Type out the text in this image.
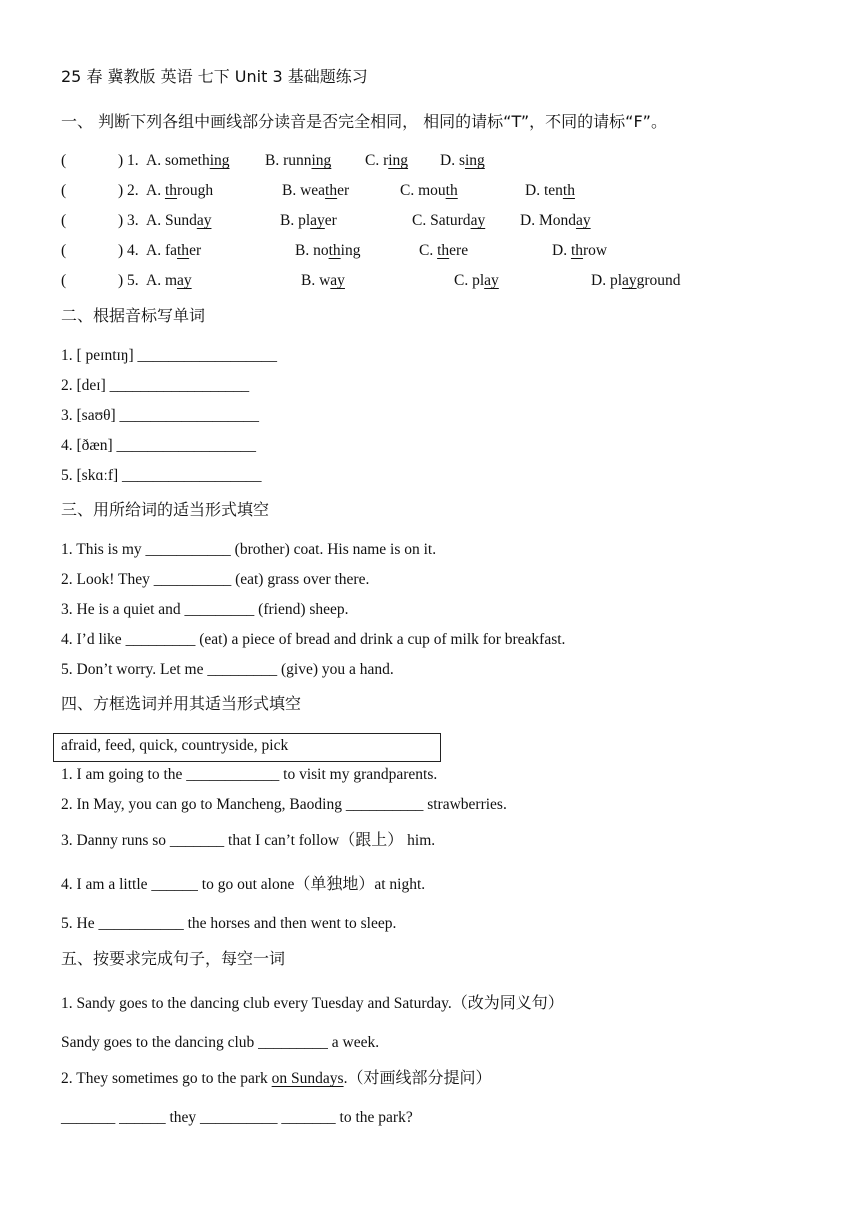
25 春 冀教版 英语 七下 Unit 3 基础题练习
一、 判断下列各组中画线部分读音是否完全相同， 相同的请标“T”，不同的请标“F”。
(	) 1. A. something B. running C. ring D. sing
(	) 2. A. through	B. weather	C. mouth	D. tenth
(	) 3. A. Sunday	B. player	C. Saturday D. Monday
(	) 4. A. father	B. nothing	C. there	D. throw
(	) 5. A. may	B. way	C. play	D. playground
二、根据音标写单词
1. [ peɪntɪŋ] __________________
2. [deɪ] __________________
3. [saʊθ] __________________
4. [ðæn] __________________
5. [skɑːf] __________________
三、用所给词的适当形式填空
1. This is my ___________ (brother) coat. His name is on it.
2. Look! They __________ (eat) grass over there.
3. He is a quiet and _________ (friend) sheep.
4. I’d like _________ (eat) a piece of bread and drink a cup of milk for breakfast.
5. Don’t worry. Let me _________ (give) you a hand.
四、方框选词并用其适当形式填空
afraid, feed, quick, countryside, pick
1. I am going to the ____________ to visit my grandparents.
2. In May, you can go to Mancheng, Baoding __________ strawberries.
3. Danny runs so _______ that I can’t follow（跟上） him.
4. I am a little ______ to go out alone（单独地）at night.
5. He ___________ the horses and then went to sleep.
五、按要求完成句子，每空一词
1. Sandy goes to the dancing club every Tuesday and Saturday.（改为同义句）
Sandy goes to the dancing club _________ a week.
2. They sometimes go to the park on Sundays.（对画线部分提问）
_______ ______ they __________ _______ to the park?
